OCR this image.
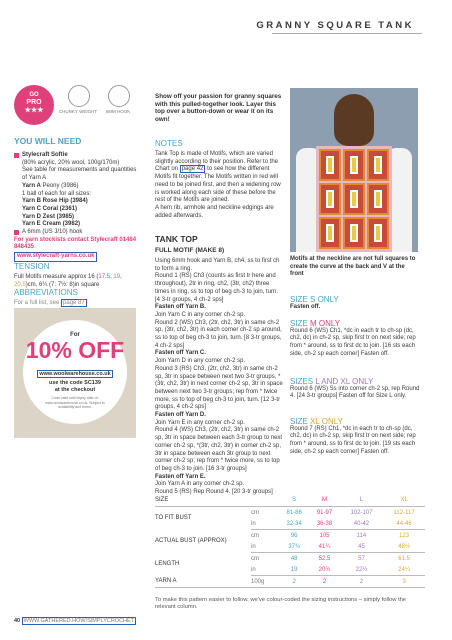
GRANNY SQUARE TANK
GO
PRO
★★★	CHUNKY WEIGHT	6MM HOOK
YOU WILL NEED
Stylecraft Softie
(80% acrylic, 20% wool, 100g/170m)
See table for measurements and quantities of Yarn A
Yarn A Peony (3986)
1 ball of each for all sizes:
Yarn B Rose Hip (3984)
Yarn C Coral (2361)
Yarn D Zest (3985)
Yarn E Cream (3982)
A 6mm (US J/10) hook
For yarn stockists contact Stylecraft 01484 848435
www.stylecraft-yarns.co.uk
TENSION
Full Motifs measure approx 16 (17.5, 19, 20.5)cm, 6¼ (7: 7½: 8)in square
ABBREVIATIONS
For a full list, see page 87
For
10% OFF
www.woolwarehouse.co.uk
use the code SC139
at the checkout
Code valid until expiry date on www.woolwarehouse.co.uk. Subject to availability and terms.
Show off your passion for granny squares with this pulled-together look. Layer this top over a button-down or wear it on its own!
NOTES
Tank Top is made of Motifs, which are varied slightly according to their position. Refer to the Chart on page 42 to see how the different Motifs fit together. The Motifs written in red will need to be joined first, and then a widening row is worked along each side of these before the rest of the Motifs are joined.
A hem rib, armhole and neckline edgings are added afterwards.
TANK TOP
FULL MOTIF (MAKE 8)

Using 6mm hook and Yarn B, ch4, ss to first ch to form a ring.

Round 1 (RS) Ch3 (counts as first tr here and throughout), 2tr in ring, ch2, (3tr, ch2) three times in ring, ss to top of beg ch-3 to join, turn. [4 3-tr groups, 4 ch-2 sps]

Fasten off Yarn B.

Join Yarn C in any corner ch-2 sp.

Round 2 (WS) Ch3, (2tr, ch2, 3tr) in same ch-2 sp, (3tr, ch2, 3tr) in each corner ch-2 sp around, ss to top of beg ch-3 to join, turn. [8 3-tr groups, 4 ch-2 sps]

Fasten off Yarn C.

Join Yarn D in any corner ch-2 sp.

Round 3 (RS) Ch3, (2tr, ch2, 3tr) in same ch-2 sp, 3tr in space between next two 3-tr groups, *(3tr, ch2, 3tr) in next corner ch-2 sp, 3tr in space between next two 3-tr groups; rep from * twice more, ss to top of beg ch-3 to join, turn. [12 3-tr groups, 4 ch-2 sps]

Fasten off Yarn D.

Join Yarn E in any corner ch-2 sp.

Round 4 (WS) Ch3, (2tr, ch2, 3tr) in same ch-2 sp, 3tr in space between each 3-tr group to next corner ch-2 sp, *(3tr, ch2, 3tr) in corner ch-2 sp, 3tr in space between each 3tr group to next corner ch-2 sp; rep from * twice more, ss to top of beg ch-3 to join. [16 3-tr groups]

Fasten off Yarn E.

Join Yarn A in any corner ch-2 sp.

Round 5 (RS) Rep Round 4. [20 3-tr groups]

Motifs at the neckline are not full squares to create the curve at the back and V at the front
SIZE S ONLY

Fasten off.

SIZE M ONLY

Round 6 (WS) Ch1, *dc in each tr to ch-sp (dc, ch2, dc) in ch-2 sp, skip first tr on next side; rep from * around, ss to first dc to join. [16 sts each side, ch-2 sp each corner] Fasten off.

SIZES L AND XL ONLY

Round 6 (WS) Ss into corner ch-2 sp, rep Round 4. [24 3-tr groups] Fasten off for Size L only.

SIZE XL ONLY

Round 7 (RS) Ch1, *dc in each tr to ch-sp (dc, ch2, dc) in ch-2 sp, skip first tr on next side; rep from * around, ss to first dc to join. [19 sts each side, ch-2 sp each corner] Fasten off.

SIZE		S	M	L	XL
TO FIT BUST	cm	81-86	91-97	102-107	112-117
	in	32-34	36-38	40-42	44-46
ACTUAL BUST (APPROX)	cm	96	105	114	123
	in	37¾	41¼	45	48½
LENGTH	cm	48	52.5	57	61.5
	in	19	20¾	22½	24¼
YARN A	100g	2	2	2	3
To make this pattern easier to follow, we've colour-coded the sizing instructions – simply follow the relevant column.
40 WWW.GATHERED.HOW/SIMPLYCROCHET
